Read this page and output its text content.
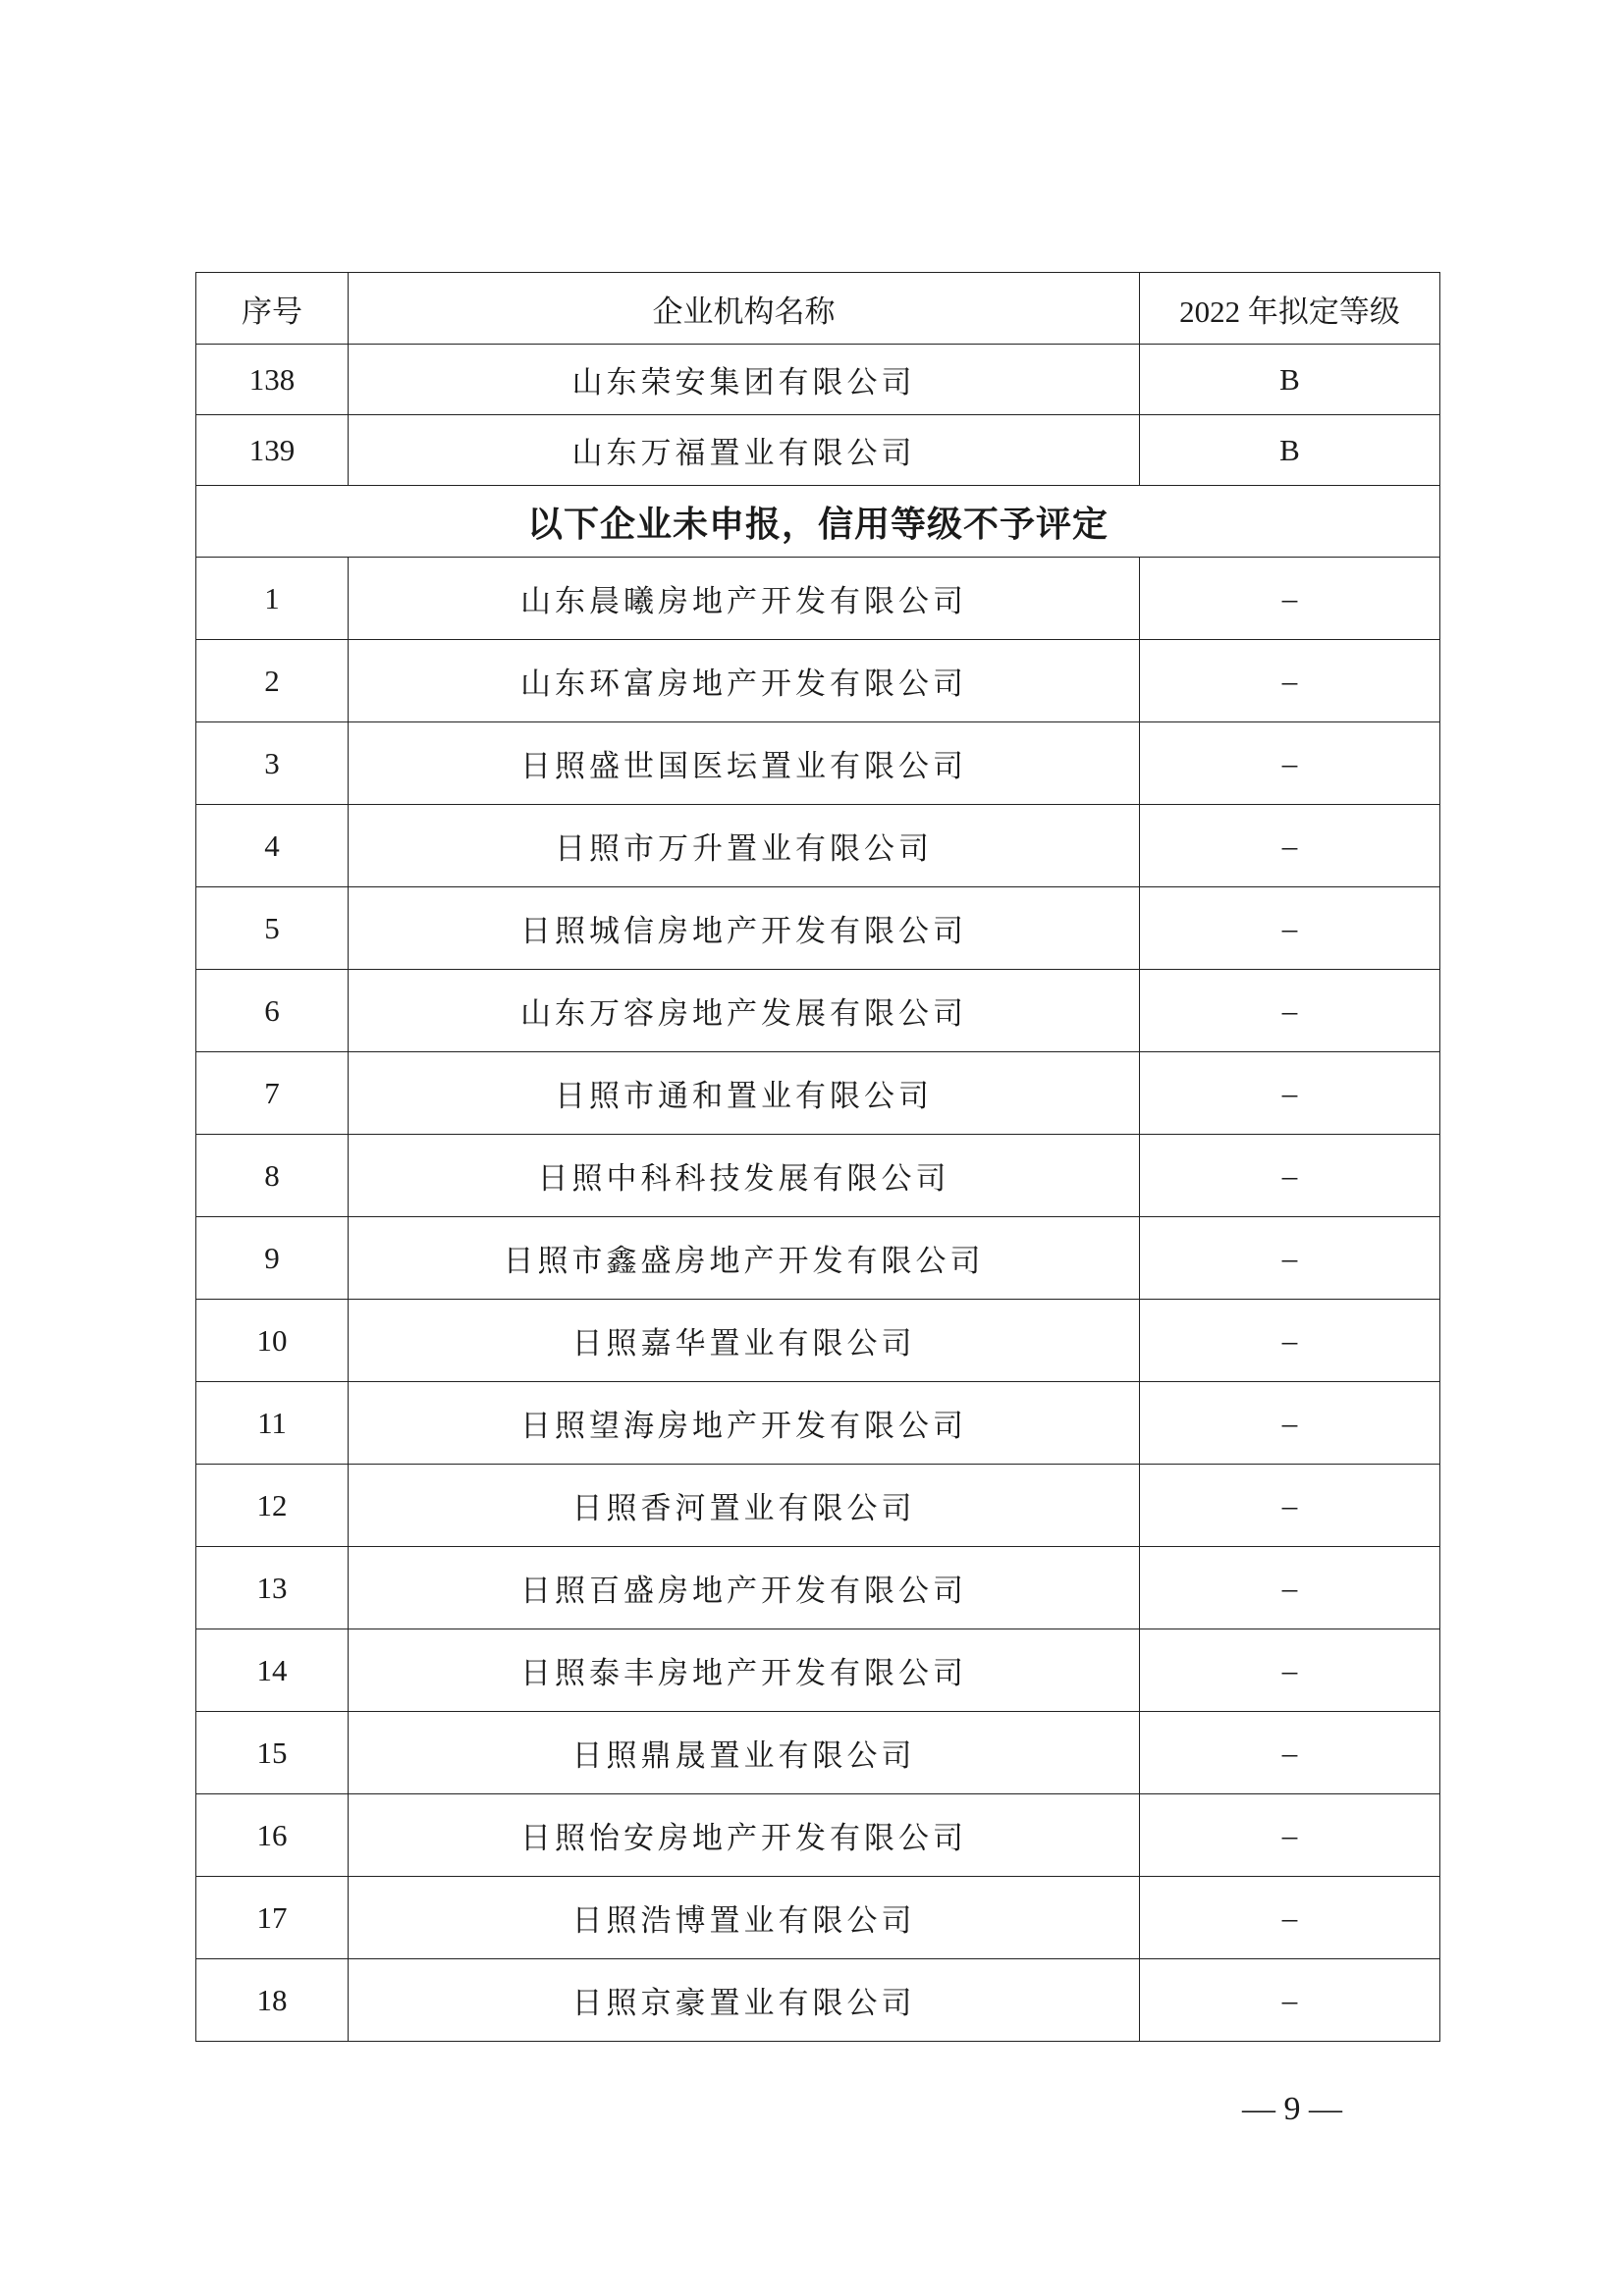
序号	企业机构名称	2022 年拟定等级
138	山东荣安集团有限公司	B
139	山东万福置业有限公司	B
以下企业未申报，信用等级不予评定		
1	山东晨曦房地产开发有限公司	–
2	山东环富房地产开发有限公司	–
3	日照盛世国医坛置业有限公司	–
4	日照市万升置业有限公司	–
5	日照城信房地产开发有限公司	–
6	山东万容房地产发展有限公司	–
7	日照市通和置业有限公司	–
8	日照中科科技发展有限公司	–
9	日照市鑫盛房地产开发有限公司	–
10	日照嘉华置业有限公司	–
11	日照望海房地产开发有限公司	–
12	日照香河置业有限公司	–
13	日照百盛房地产开发有限公司	–
14	日照泰丰房地产开发有限公司	–
15	日照鼎晟置业有限公司	–
16	日照怡安房地产开发有限公司	–
17	日照浩博置业有限公司	–
18	日照京豪置业有限公司	–
— 9 —
